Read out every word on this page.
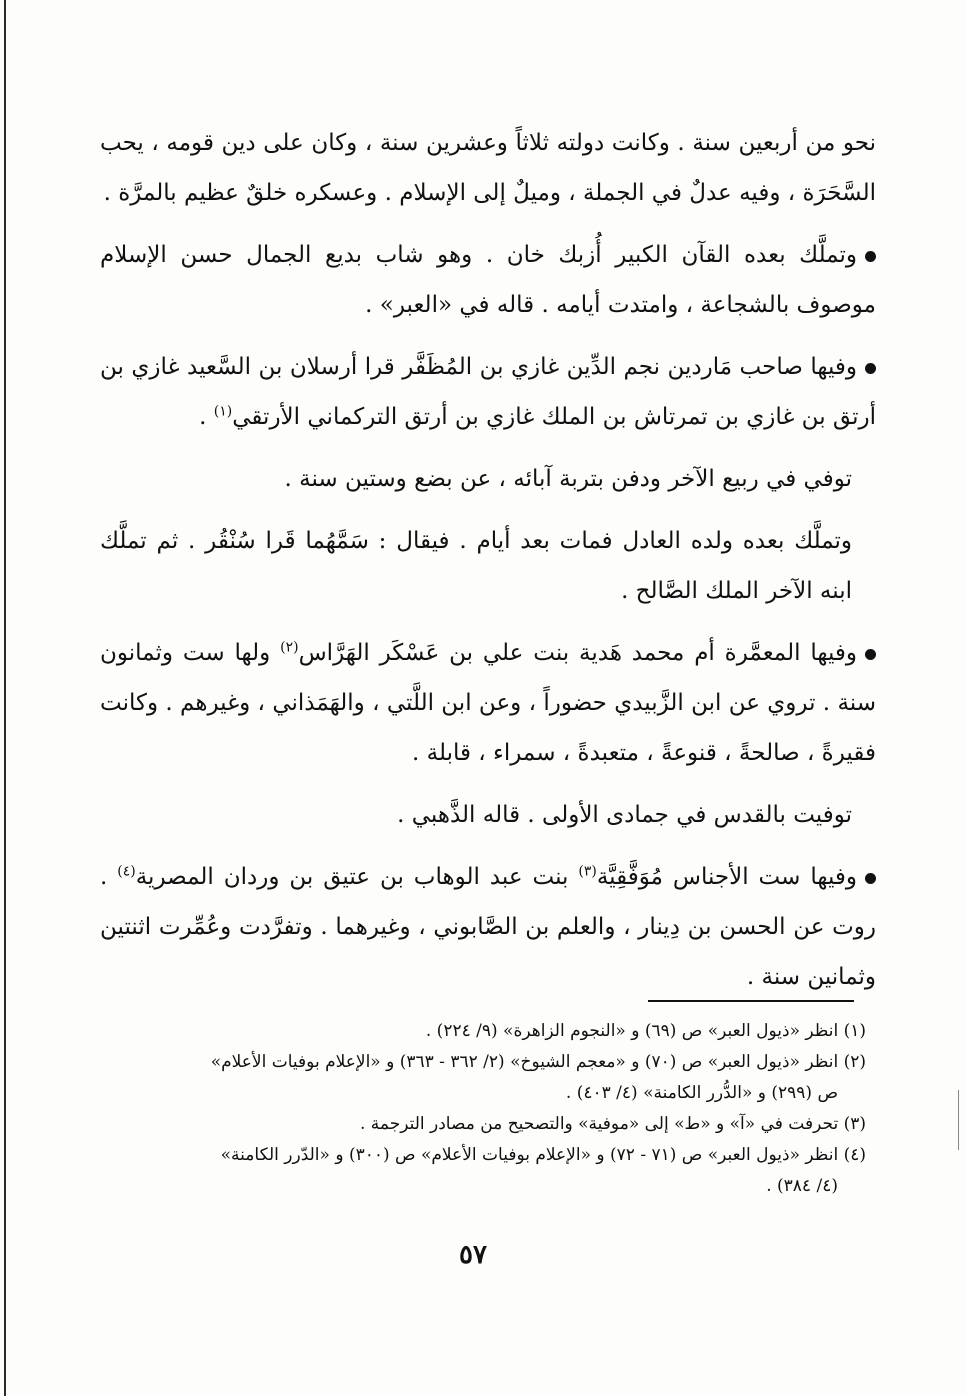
نحو من أربعين سنة . وكانت دولته ثلاثاً وعشرين سنة ، وكان على دين قومه ، يحب السَّحَرَة ، وفيه عدلٌ في الجملة ، وميلٌ إلى الإسلام . وعسكره خلقٌ عظيم بالمرَّة .

وتملَّك بعده القآن الكبير أُزبك خان . وهو شاب بديع الجمال حسن الإسلام موصوف بالشجاعة ، وامتدت أيامه . قاله في «العبر» .

وفيها صاحب مَاردين نجم الدِّين غازي بن المُظَفَّر قرا أرسلان بن السَّعيد غازي بن أرتق بن غازي بن تمرتاش بن الملك غازي بن أرتق التركماني الأرتقي$^{(١)}$ .

توفي في ربيع الآخر ودفن بتربة آبائه ، عن بضع وستين سنة .

وتملَّك بعده ولده العادل فمات بعد أيام . فيقال : سَمَّهُما قَرا سُنْقُر . ثم تملَّك ابنه الآخر الملك الصَّالح .

وفيها المعمَّرة أم محمد هَدية بنت علي بن عَسْكَر الهَرَّاس$^{(٢)}$ ولها ست وثمانون سنة . تروي عن ابن الزَّبيدي حضوراً ، وعن ابن اللَّتي ، والهَمَذاني ، وغيرهم . وكانت فقيرةً ، صالحةً ، قنوعةً ، متعبدةً ، سمراء ، قابلة .

توفيت بالقدس في جمادى الأولى . قاله الذَّهبي .

وفيها ست الأجناس مُوَفَّقِيَّة$^{(٣)}$ بنت عبد الوهاب بن عتيق بن وردان المصرية$^{(٤)}$ . روت عن الحسن بن دِينار ، والعلم بن الصَّابوني ، وغيرهما . وتفرَّدت وعُمِّرت اثنتين وثمانين سنة .

(١) انظر «ذيول العبر» ص (٦٩) و «النجوم الزاهرة» (٩/ ٢٢٤) .

(٢) انظر «ذيول العبر» ص (٧٠) و «معجم الشيوخ» (٢/ ٣٦٢ - ٣٦٣) و «الإعلام بوفيات الأعلام»

ص (٢٩٩) و «الدُّرر الكامنة» (٤/ ٤٠٣) .

(٣) تحرفت في «آ» و «ط» إلى «موفية» والتصحيح من مصادر الترجمة .

(٤) انظر «ذيول العبر» ص (٧١ - ٧٢) و «الإعلام بوفيات الأعلام» ص (٣٠٠) و «الدّرر الكامنة»

(٤/ ٣٨٤) .

٥٧
